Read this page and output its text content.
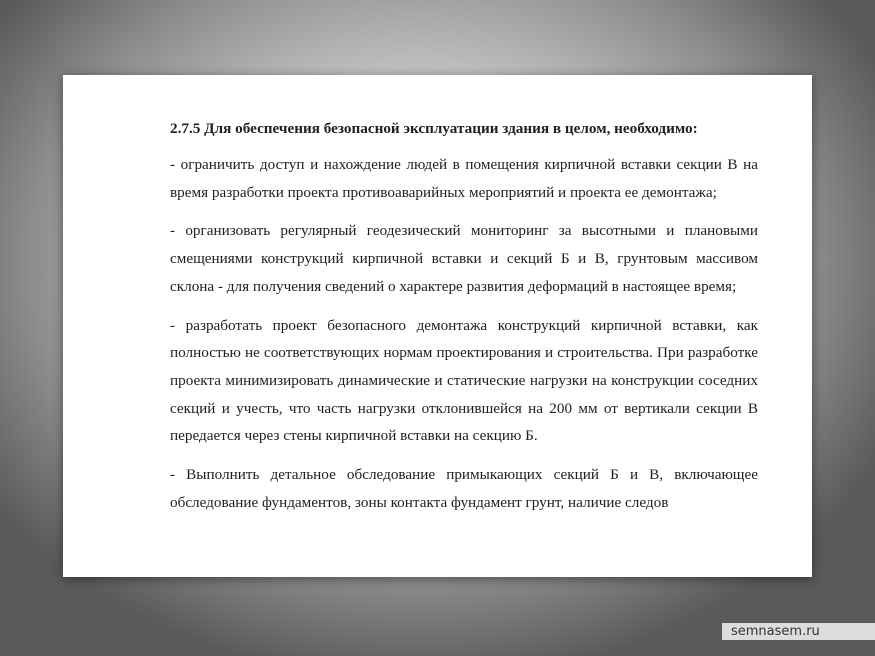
2.7.5 Для обеспечения безопасной эксплуатации здания в целом, необходимо:

- ограничить доступ и нахождение людей в помещения кирпичной вставки секции В на время разработки проекта противоаварийных мероприятий и проекта ее демонтажа;

- организовать регулярный геодезический мониторинг за высотными и плановыми смещениями конструкций кирпичной вставки и секций Б и В, грунтовым массивом склона - для получения сведений о характере развития деформаций в настоящее время;

- разработать проект безопасного демонтажа конструкций кирпичной вставки, как полностью не соответствующих нормам проектирования и строительства. При разработке проекта минимизировать динамические и статические нагрузки на конструкции соседних секций и учесть, что часть нагрузки отклонившейся на 200 мм от вертикали секции В передается через стены кирпичной вставки на секцию Б.

- Выполнить детальное обследование примыкающих секций Б и В, включающее обследование фундаментов, зоны контакта фундамент грунт, наличие следов

semnasem.ru
